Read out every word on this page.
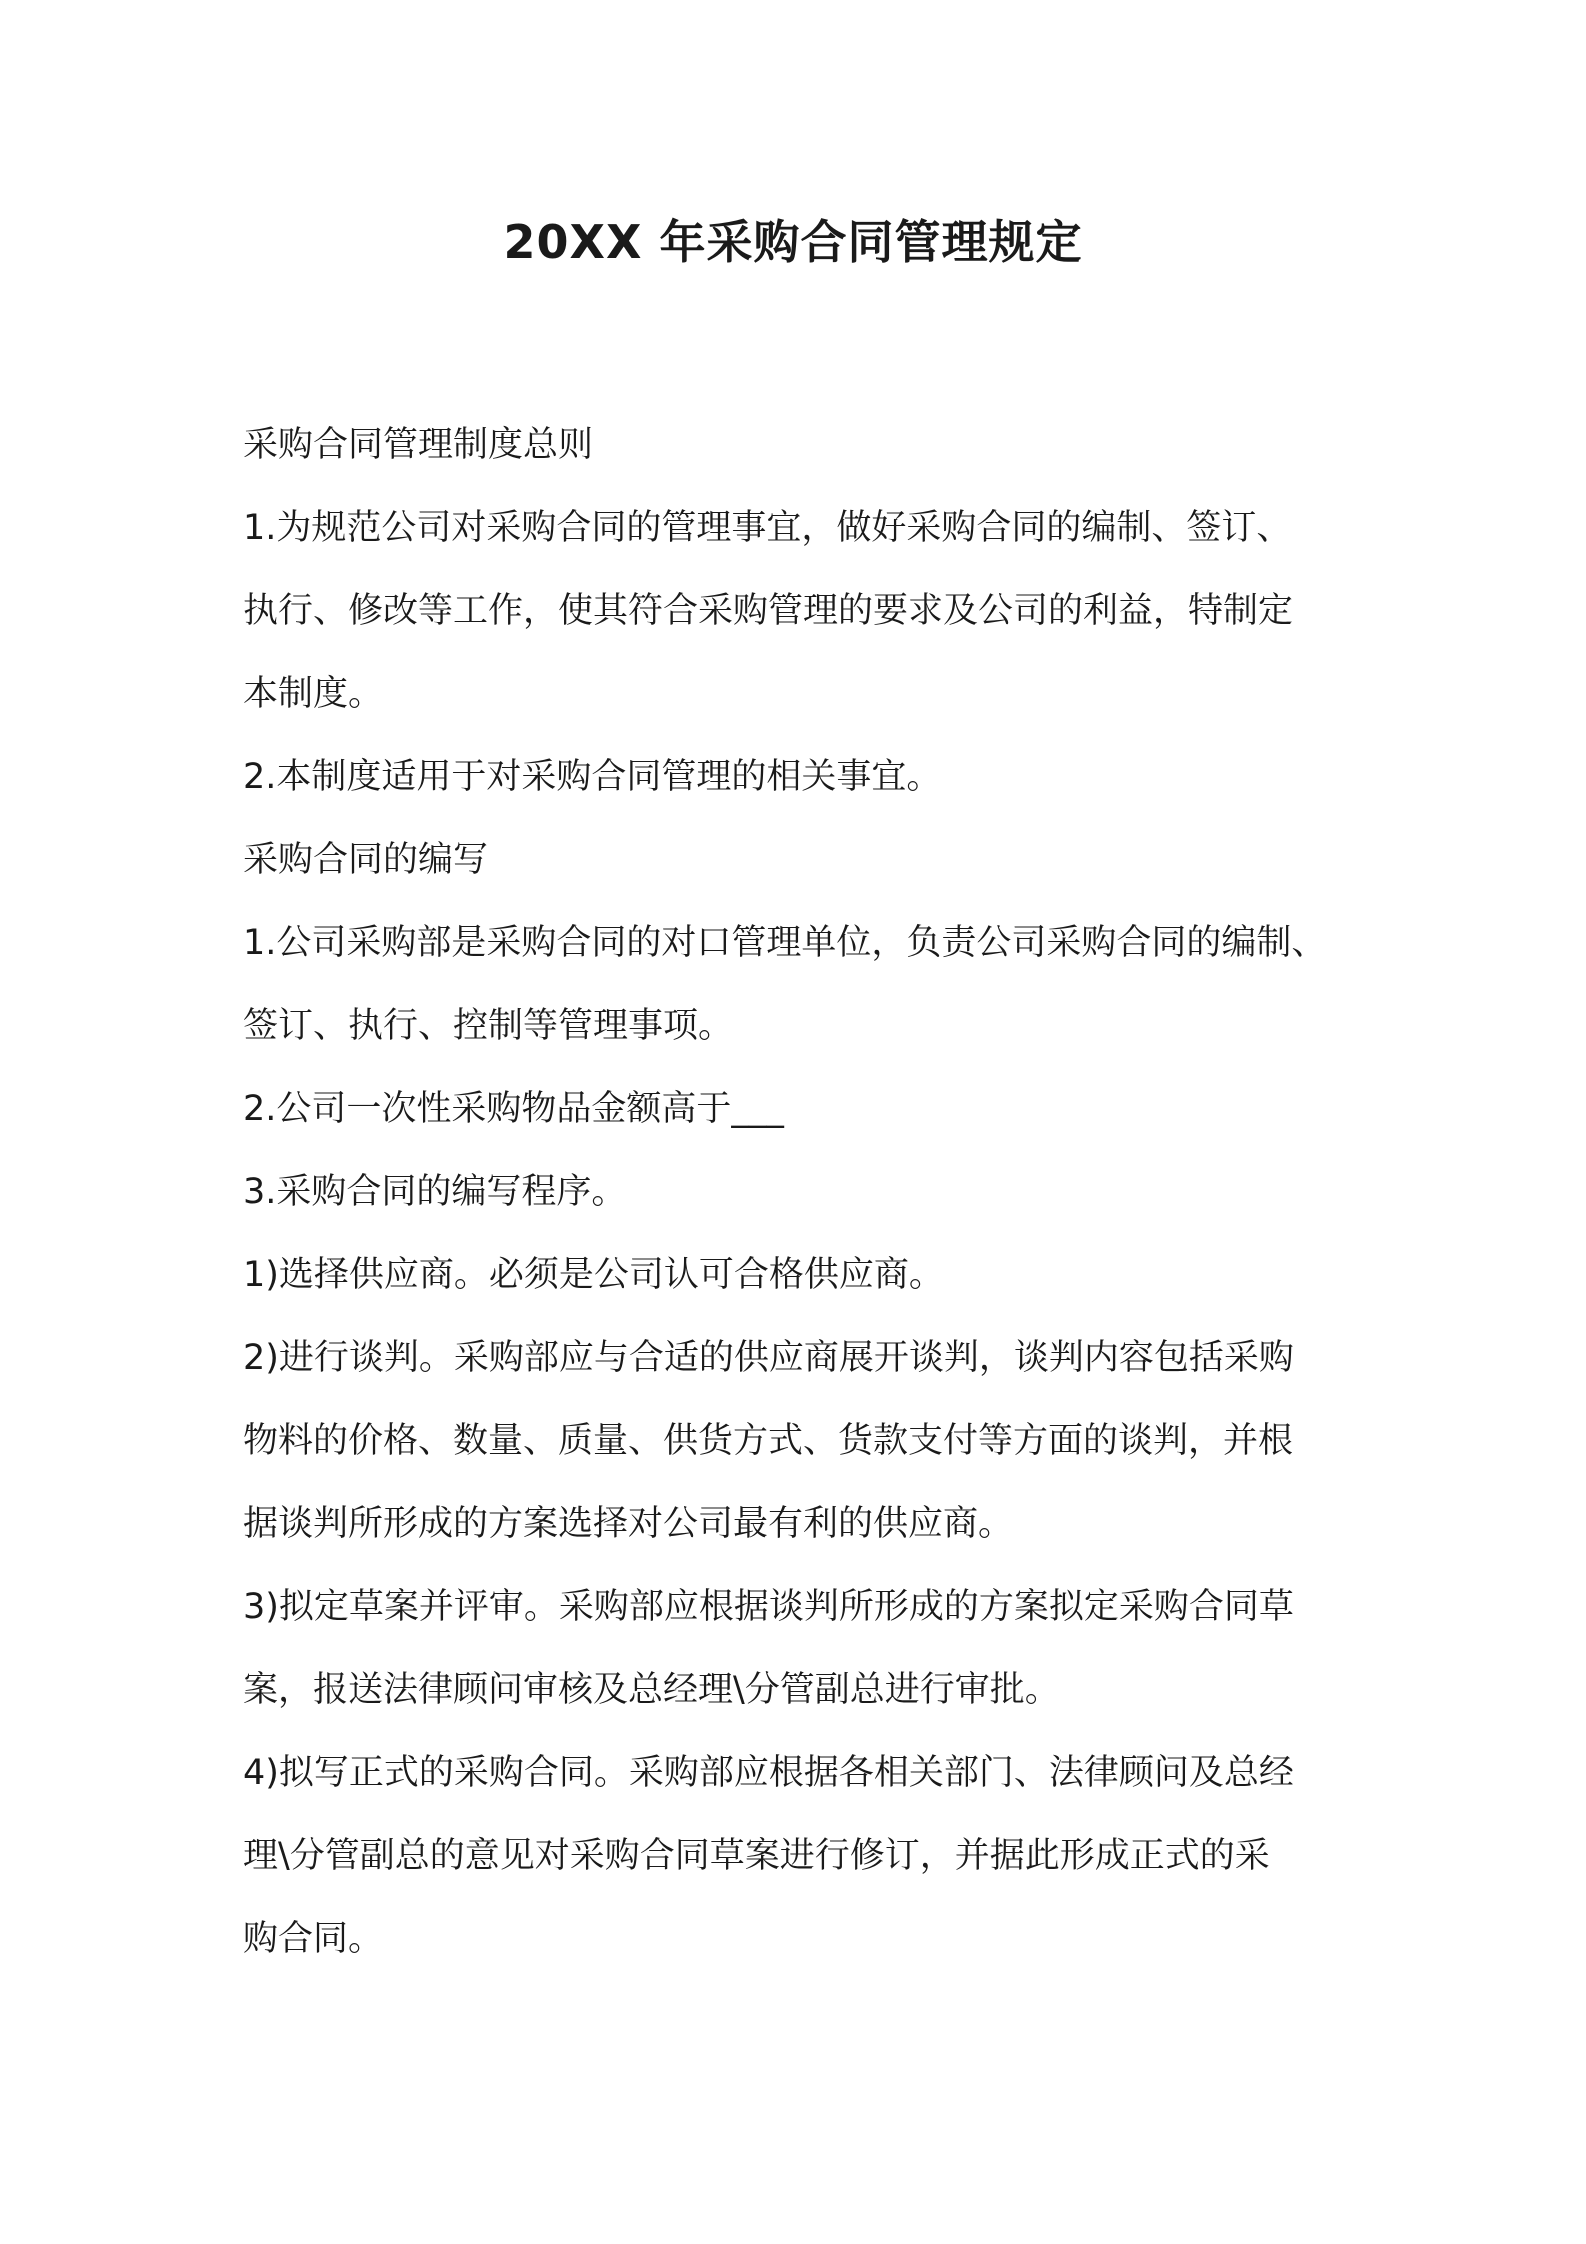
20XX 年采购合同管理规定

采购合同管理制度总则

1.为规范公司对采购合同的管理事宜，做好采购合同的编制、签订、

执行、修改等工作，使其符合采购管理的要求及公司的利益，特制定

本制度。

2.本制度适用于对采购合同管理的相关事宜。

采购合同的编写

1.公司采购部是采购合同的对口管理单位，负责公司采购合同的编制、

签订、执行、控制等管理事项。

2.公司一次性采购物品金额高于___

3.采购合同的编写程序。

1)选择供应商。必须是公司认可合格供应商。

2)进行谈判。采购部应与合适的供应商展开谈判，谈判内容包括采购

物料的价格、数量、质量、供货方式、货款支付等方面的谈判，并根

据谈判所形成的方案选择对公司最有利的供应商。

3)拟定草案并评审。采购部应根据谈判所形成的方案拟定采购合同草

案，报送法律顾问审核及总经理\分管副总进行审批。

4)拟写正式的采购合同。采购部应根据各相关部门、法律顾问及总经

理\分管副总的意见对采购合同草案进行修订，并据此形成正式的采

购合同。
